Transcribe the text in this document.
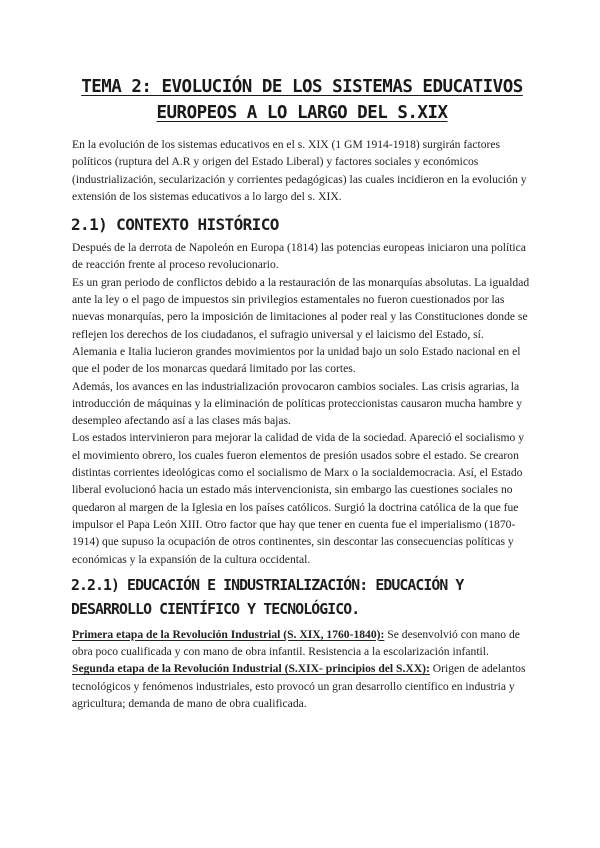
TEMA 2: EVOLUCIÓN DE LOS SISTEMAS EDUCATIVOS EUROPEOS A LO LARGO DEL S.XIX

En la evolución de los sistemas educativos en el s. XIX (1 GM 1914-1918) surgirán factores políticos (ruptura del A.R y origen del Estado Liberal) y factores sociales y económicos (industrialización, secularización y corrientes pedagógicas) las cuales incidieron en la evolución y extensión de los sistemas educativos a lo largo del s. XIX.

2.1) CONTEXTO HISTÓRICO

Después de la derrota de Napoleón en Europa (1814) las potencias europeas iniciaron una política de reacción frente al proceso revolucionario.

Es un gran periodo de conflictos debido a la restauración de las monarquías absolutas. La igualdad ante la ley o el pago de impuestos sin privilegios estamentales no fueron cuestionados por las nuevas monarquías, pero la imposición de limitaciones al poder real y las Constituciones donde se reflejen los derechos de los ciudadanos, el sufragio universal y el laicismo del Estado, sí.

Alemania e Italia lucieron grandes movimientos por la unidad bajo un solo Estado nacional en el que el poder de los monarcas quedará limitado por las cortes.

Además, los avances en las industrialización provocaron cambios sociales. Las crisis agrarias, la introducción de máquinas y la eliminación de políticas proteccionistas causaron mucha hambre y desempleo afectando así a las clases más bajas.

Los estados intervinieron para mejorar la calidad de vida de la sociedad. Apareció el socialismo y el movimiento obrero, los cuales fueron elementos de presión usados sobre el estado. Se crearon distintas corrientes ideológicas como el socialismo de Marx o la socialdemocracia. Así, el Estado liberal evolucionó hacia un estado más intervencionista, sin embargo las cuestiones sociales no quedaron al margen de la Iglesia en los países católicos. Surgió la doctrina católica de la que fue impulsor el Papa León XIII. Otro factor que hay que tener en cuenta fue el imperialismo (1870-1914) que supuso la ocupación de otros continentes, sin descontar las consecuencias políticas y económicas y la expansión de la cultura occidental.

2.2.1) EDUCACIÓN E INDUSTRIALIZACIÓN: EDUCACIÓN Y DESARROLLO CIENTÍFICO Y TECNOLÓGICO.

Primera etapa de la Revolución Industrial (S. XIX, 1760-1840): Se desenvolvió con mano de obra poco cualificada y con mano de obra infantil. Resistencia a la escolarización infantil.

Segunda etapa de la Revolución Industrial (S.XIX- principios del S.XX): Origen de adelantos tecnológicos y fenómenos industriales, esto provocó un gran desarrollo científico en industria y agricultura; demanda de mano de obra cualificada.
